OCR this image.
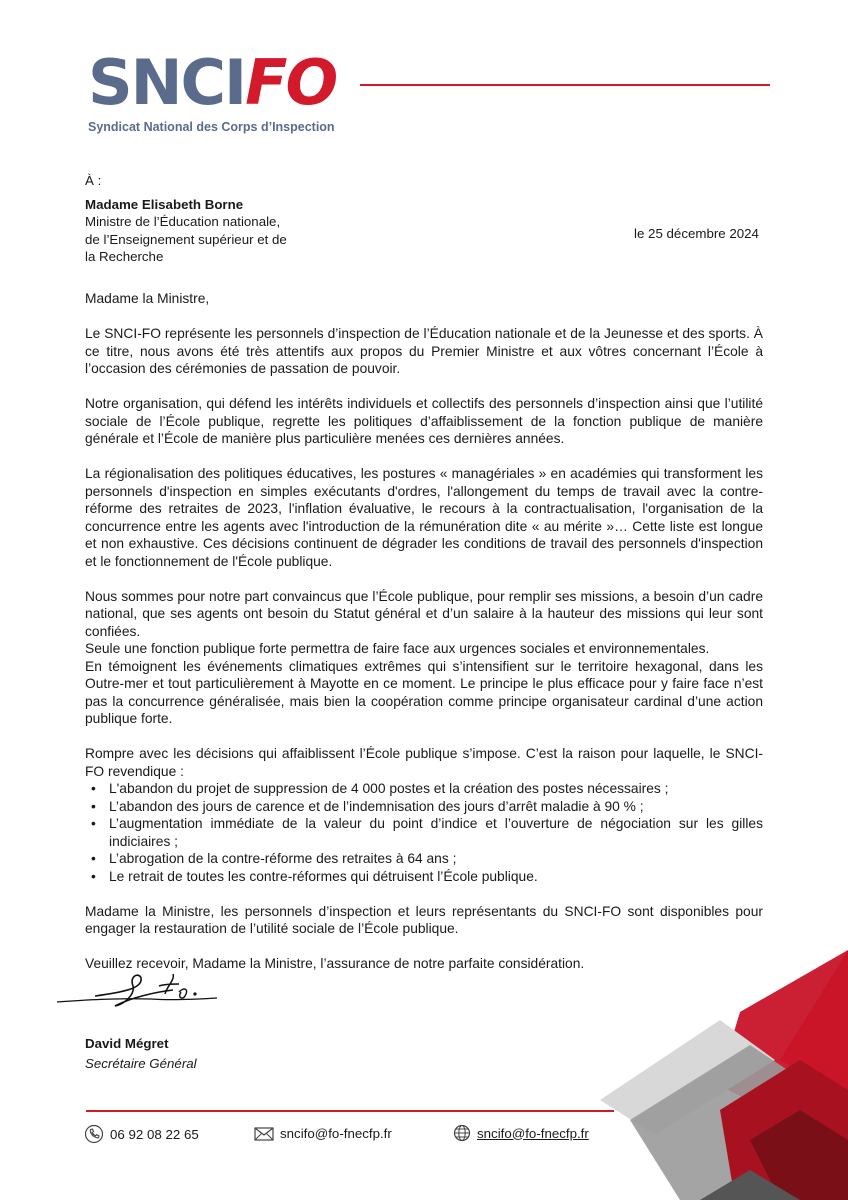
SNCIFO
Syndicat National des Corps d’Inspection
À :
Madame Elisabeth Borne
Ministre de l’Éducation nationale,
de l’Enseignement supérieur et de
la Recherche
le 25 décembre 2024

Madame la Ministre,

Le SNCI-FO représente les personnels d’inspection de l’Éducation nationale et de la Jeunesse et des sports. À ce titre, nous avons été très attentifs aux propos du Premier Ministre et aux vôtres concernant l’École à l’occasion des cérémonies de passation de pouvoir.

Notre organisation, qui défend les intérêts individuels et collectifs des personnels d’inspection ainsi que l’utilité sociale de l’École publique, regrette les politiques d’affaiblissement de la fonction publique de manière générale et l’École de manière plus particulière menées ces dernières années.

La régionalisation des politiques éducatives, les postures « managériales » en académies qui transforment les personnels d'inspection en simples exécutants d'ordres, l'allongement du temps de travail avec la contre-réforme des retraites de 2023, l'inflation évaluative, le recours à la contractualisation, l'organisation de la concurrence entre les agents avec l'introduction de la rémunération dite « au mérite »… Cette liste est longue et non exhaustive. Ces décisions continuent de dégrader les conditions de travail des personnels d'inspection et le fonctionnement de l'École publique.

Nous sommes pour notre part convaincus que l’École publique, pour remplir ses missions, a besoin d’un cadre national, que ses agents ont besoin du Statut général et d’un salaire à la hauteur des missions qui leur sont confiées.

Seule une fonction publique forte permettra de faire face aux urgences sociales et environnementales.

En témoignent les événements climatiques extrêmes qui s’intensifient sur le territoire hexagonal, dans les Outre-mer et tout particulièrement à Mayotte en ce moment. Le principe le plus efficace pour y faire face n’est pas la concurrence généralisée, mais bien la coopération comme principe organisateur cardinal d’une action publique forte.

Rompre avec les décisions qui affaiblissent l’École publique s’impose. C’est la raison pour laquelle, le SNCI-FO revendique :

• L'abandon du projet de suppression de 4 000 postes et la création des postes nécessaires ;
• L’abandon des jours de carence et de l’indemnisation des jours d’arrêt maladie à 90 % ;
• L’augmentation immédiate de la valeur du point d’indice et l’ouverture de négociation sur les gilles indiciaires ;
• L’abrogation de la contre-réforme des retraites à 64 ans ;
• Le retrait de toutes les contre-réformes qui détruisent l’École publique.

Madame la Ministre, les personnels d’inspection et leurs représentants du SNCI-FO sont disponibles pour engager la restauration de l’utilité sociale de l’École publique.

Veuillez recevoir, Madame la Ministre, l’assurance de notre parfaite considération.

David Mégret
Secrétaire Général
06 92 08 22 65	sncifo@fo-fnecfp.fr	sncifo@fo-fnecfp.fr
